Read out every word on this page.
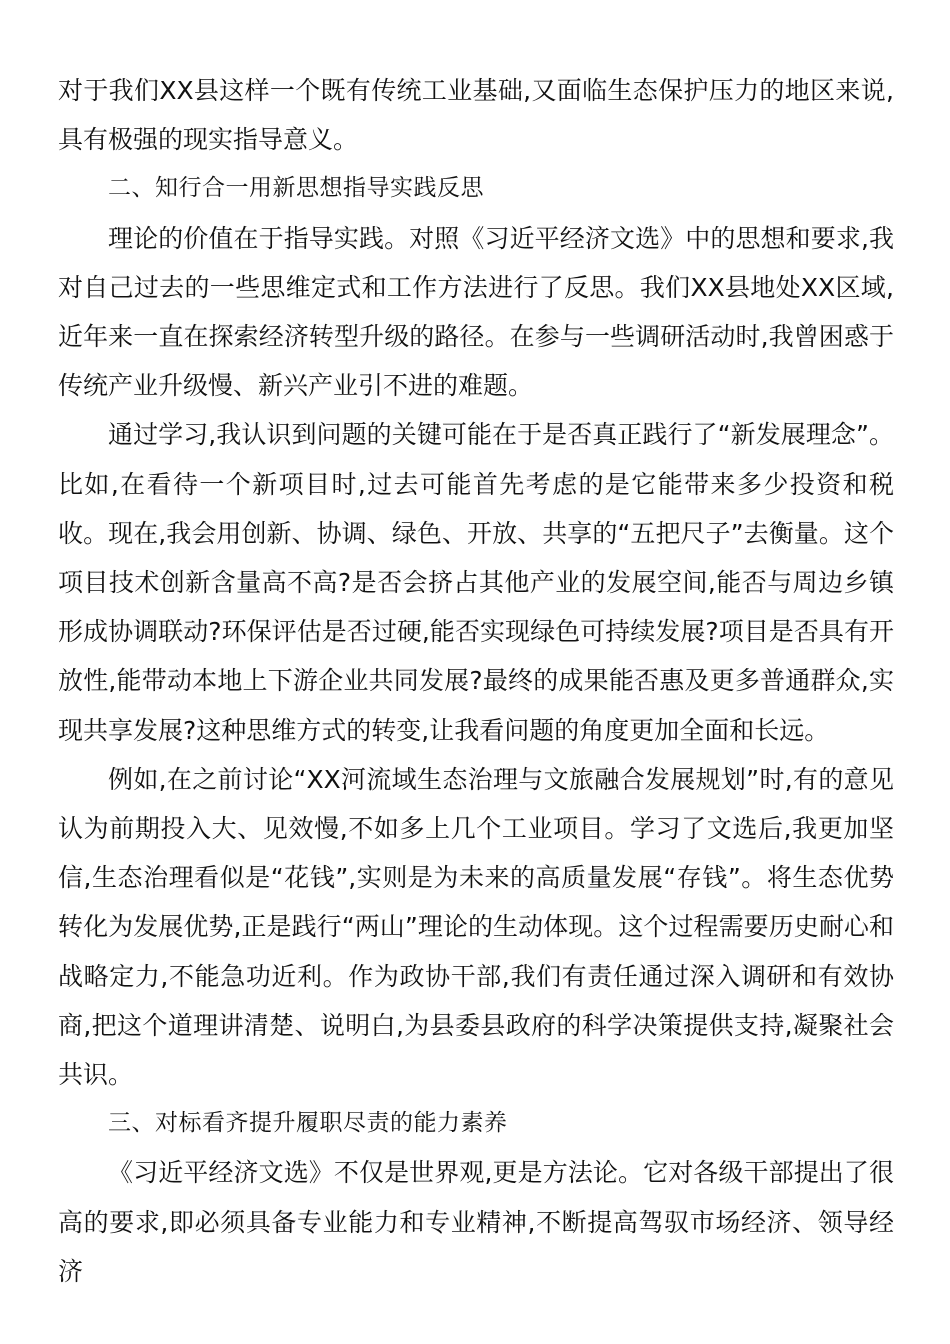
对于我们XX县这样一个既有传统工业基础,又面临生态保护压力的地区来说,具有极强的现实指导意义。

二、知行合一用新思想指导实践反思

理论的价值在于指导实践。对照《习近平经济文选》中的思想和要求,我对自己过去的一些思维定式和工作方法进行了反思。我们XX县地处XX区域,近年来一直在探索经济转型升级的路径。在参与一些调研活动时,我曾困惑于传统产业升级慢、新兴产业引不进的难题。

通过学习,我认识到问题的关键可能在于是否真正践行了“新发展理念”。比如,在看待一个新项目时,过去可能首先考虑的是它能带来多少投资和税收。现在,我会用创新、协调、绿色、开放、共享的“五把尺子”去衡量。这个项目技术创新含量高不高?是否会挤占其他产业的发展空间,能否与周边乡镇形成协调联动?环保评估是否过硬,能否实现绿色可持续发展?项目是否具有开放性,能带动本地上下游企业共同发展?最终的成果能否惠及更多普通群众,实现共享发展?这种思维方式的转变,让我看问题的角度更加全面和长远。

例如,在之前讨论“XX河流域生态治理与文旅融合发展规划”时,有的意见认为前期投入大、见效慢,不如多上几个工业项目。学习了文选后,我更加坚信,生态治理看似是“花钱”,实则是为未来的高质量发展“存钱”。将生态优势转化为发展优势,正是践行“两山”理论的生动体现。这个过程需要历史耐心和战略定力,不能急功近利。作为政协干部,我们有责任通过深入调研和有效协商,把这个道理讲清楚、说明白,为县委县政府的科学决策提供支持,凝聚社会共识。

三、对标看齐提升履职尽责的能力素养

《习近平经济文选》不仅是世界观,更是方法论。它对各级干部提出了很高的要求,即必须具备专业能力和专业精神,不断提高驾驭市场经济、领导经济
